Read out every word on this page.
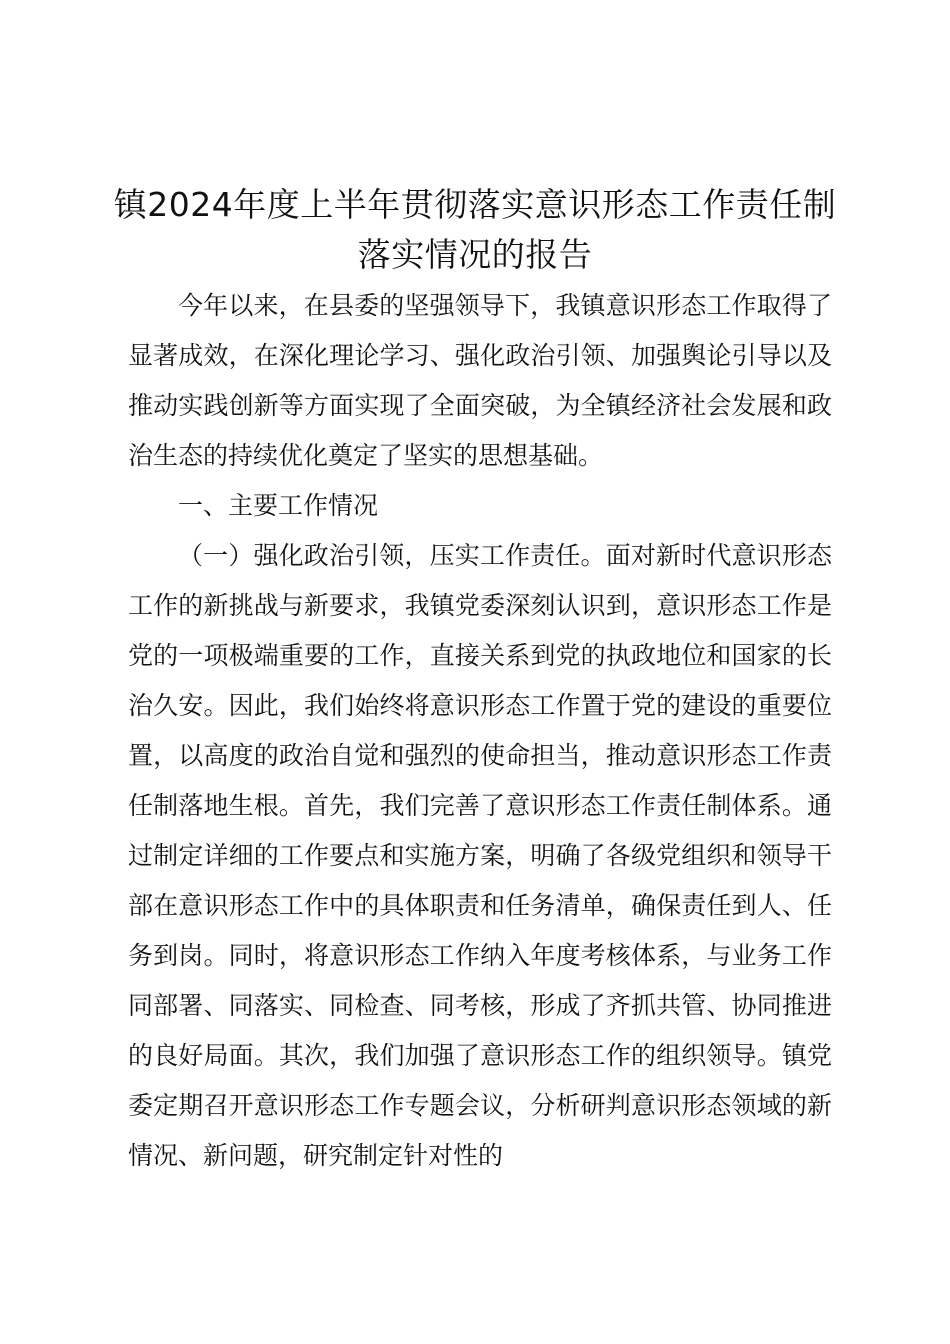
镇2024年度上半年贯彻落实意识形态工作责任制落实情况的报告

今年以来，在县委的坚强领导下，我镇意识形态工作取得了显著成效，在深化理论学习、强化政治引领、加强舆论引导以及推动实践创新等方面实现了全面突破，为全镇经济社会发展和政治生态的持续优化奠定了坚实的思想基础。

一、主要工作情况

（一）强化政治引领，压实工作责任。面对新时代意识形态工作的新挑战与新要求，我镇党委深刻认识到，意识形态工作是党的一项极端重要的工作，直接关系到党的执政地位和国家的长治久安。因此，我们始终将意识形态工作置于党的建设的重要位置，以高度的政治自觉和强烈的使命担当，推动意识形态工作责任制落地生根。首先，我们完善了意识形态工作责任制体系。通过制定详细的工作要点和实施方案，明确了各级党组织和领导干部在意识形态工作中的具体职责和任务清单，确保责任到人、任务到岗。同时，将意识形态工作纳入年度考核体系，与业务工作同部署、同落实、同检查、同考核，形成了齐抓共管、协同推进的良好局面。其次，我们加强了意识形态工作的组织领导。镇党委定期召开意识形态工作专题会议，分析研判意识形态领域的新情况、新问题，研究制定针对性的
